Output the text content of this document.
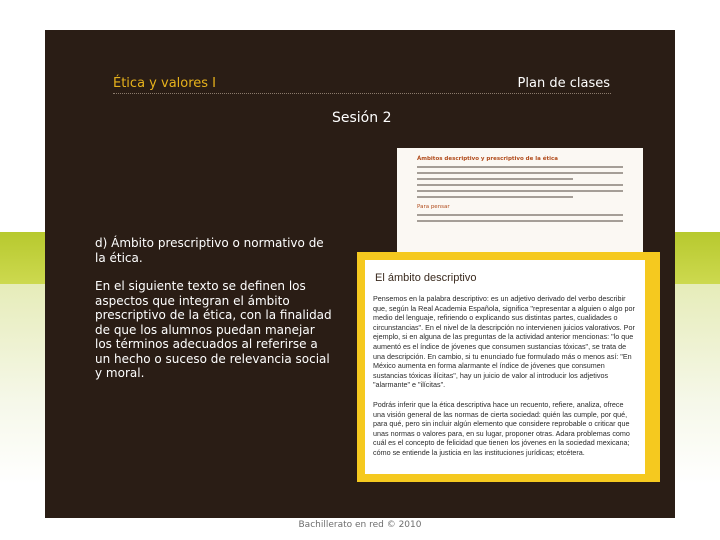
Ética y valores I	Plan de clases
Sesión 2

d) Ámbito prescriptivo o normativo de la ética.

En el siguiente texto se definen los aspectos que integran el ámbito prescriptivo de la ética, con la finalidad de que los alumnos puedan manejar los términos adecuados al referirse a un hecho o suceso de relevancia social y moral.

Ámbitos descriptivo y prescriptivo de la ética
Para pensar
El ámbito descriptivo
Pensemos en la palabra descriptivo: es un adjetivo derivado del verbo describir que, según la Real Academia Española, significa "representar a alguien o algo por medio del lenguaje, refiriendo o explicando sus distintas partes, cualidades o circunstancias". En el nivel de la descripción no intervienen juicios valorativos. Por ejemplo, si en alguna de las preguntas de la actividad anterior mencionas: "lo que aumentó es el índice de jóvenes que consumen sustancias tóxicas", se trata de una descripción. En cambio, si tu enunciado fue formulado más o menos así: "En México aumenta en forma alarmante el índice de jóvenes que consumen sustancias tóxicas ilícitas", hay un juicio de valor al introducir los adjetivos "alarmante" e "ilícitas".
Podrás inferir que la ética descriptiva hace un recuento, refiere, analiza, ofrece una visión general de las normas de cierta sociedad: quién las cumple, por qué, para qué, pero sin incluir algún elemento que considere reprobable o criticar que unas normas o valores para, en su lugar, proponer otras. Adara problemas como cuál es el concepto de felicidad que tienen los jóvenes en la sociedad mexicana; cómo se entiende la justicia en las instituciones jurídicas; etcétera.
Bachillerato en red © 2010
